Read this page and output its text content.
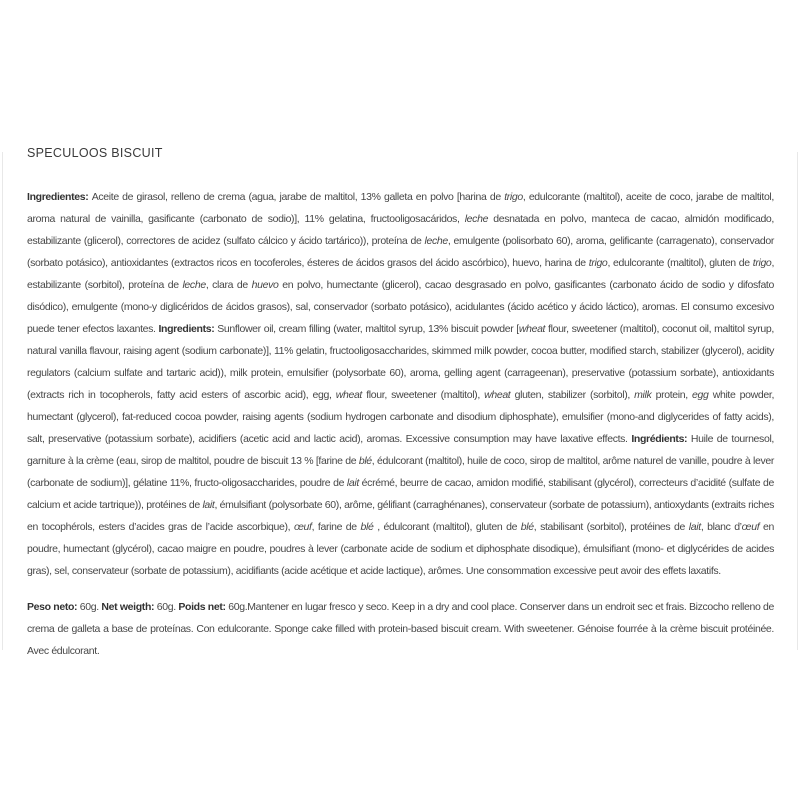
SPECULOOS BISCUIT

Ingredientes: Aceite de girasol, relleno de crema (agua, jarabe de maltitol, 13% galleta en polvo [harina de trigo, edulcorante (maltitol), aceite de coco, jarabe de maltitol, aroma natural de vainilla, gasificante (carbonato de sodio)], 11% gelatina, fructooligosacáridos, leche desnatada en polvo, manteca de cacao, almidón modificado, estabilizante (glicerol), correctores de acidez (sulfato cálcico y ácido tartárico)), proteína de leche, emulgente (polisorbato 60), aroma, gelificante (carragenato), conservador (sorbato potásico), antioxidantes (extractos ricos en tocoferoles, ésteres de ácidos grasos del ácido ascórbico), huevo, harina de trigo, edulcorante (maltitol), gluten de trigo, estabilizante (sorbitol), proteína de leche, clara de huevo en polvo, humectante (glicerol), cacao desgrasado en polvo, gasificantes (carbonato ácido de sodio y difosfato disódico), emulgente (mono-y diglicéridos de ácidos grasos), sal, conservador (sorbato potásico), acidulantes (ácido acético y ácido láctico), aromas. El consumo excesivo puede tener efectos laxantes. Ingredients: Sunflower oil, cream filling (water, maltitol syrup, 13% biscuit powder [wheat flour, sweetener (maltitol), coconut oil, maltitol syrup, natural vanilla flavour, raising agent (sodium carbonate)], 11% gelatin, fructooligosaccharides, skimmed milk powder, cocoa butter, modified starch, stabilizer (glycerol), acidity regulators (calcium sulfate and tartaric acid)), milk protein, emulsifier (polysorbate 60), aroma, gelling agent (carrageenan), preservative (potassium sorbate), antioxidants (extracts rich in tocopherols, fatty acid esters of ascorbic acid), egg, wheat flour, sweetener (maltitol), wheat gluten, stabilizer (sorbitol), milk protein, egg white powder, humectant (glycerol), fat-reduced cocoa powder, raising agents (sodium hydrogen carbonate and disodium diphosphate), emulsifier (mono-and diglycerides of fatty acids), salt, preservative (potassium sorbate), acidifiers (acetic acid and lactic acid), aromas. Excessive consumption may have laxative effects. Ingrédients: Huile de tournesol, garniture à la crème (eau, sirop de maltitol, poudre de biscuit 13 % [farine de blé, édulcorant (maltitol), huile de coco, sirop de maltitol, arôme naturel de vanille, poudre à lever (carbonate de sodium)], gélatine 11%, fructo-oligosaccharides, poudre de lait écrémé, beurre de cacao, amidon modifié, stabilisant (glycérol), correcteurs d’acidité (sulfate de calcium et acide tartrique)), protéines de lait, émulsifiant (polysorbate 60), arôme, gélifiant (carraghénanes), conservateur (sorbate de potassium), antioxydants (extraits riches en tocophérols, esters d’acides gras de l’acide ascorbique), œuf, farine de blé , édulcorant (maltitol), gluten de blé, stabilisant (sorbitol), protéines de lait, blanc d’œuf en poudre, humectant (glycérol), cacao maigre en poudre, poudres à lever (carbonate acide de sodium et diphosphate disodique), émulsifiant (mono- et diglycérides de acides gras), sel, conservateur (sorbate de potassium), acidifiants (acide acétique et acide lactique), arômes. Une consommation excessive peut avoir des effets laxatifs.

Peso neto: 60g. Net weigth: 60g. Poids net: 60g.Mantener en lugar fresco y seco. Keep in a dry and cool place. Conserver dans un endroit sec et frais. Bizcocho relleno de crema de galleta a base de proteínas. Con edulcorante. Sponge cake filled with protein-based biscuit cream. With sweetener. Génoise fourrée à la crème biscuit protéinée. Avec édulcorant.
